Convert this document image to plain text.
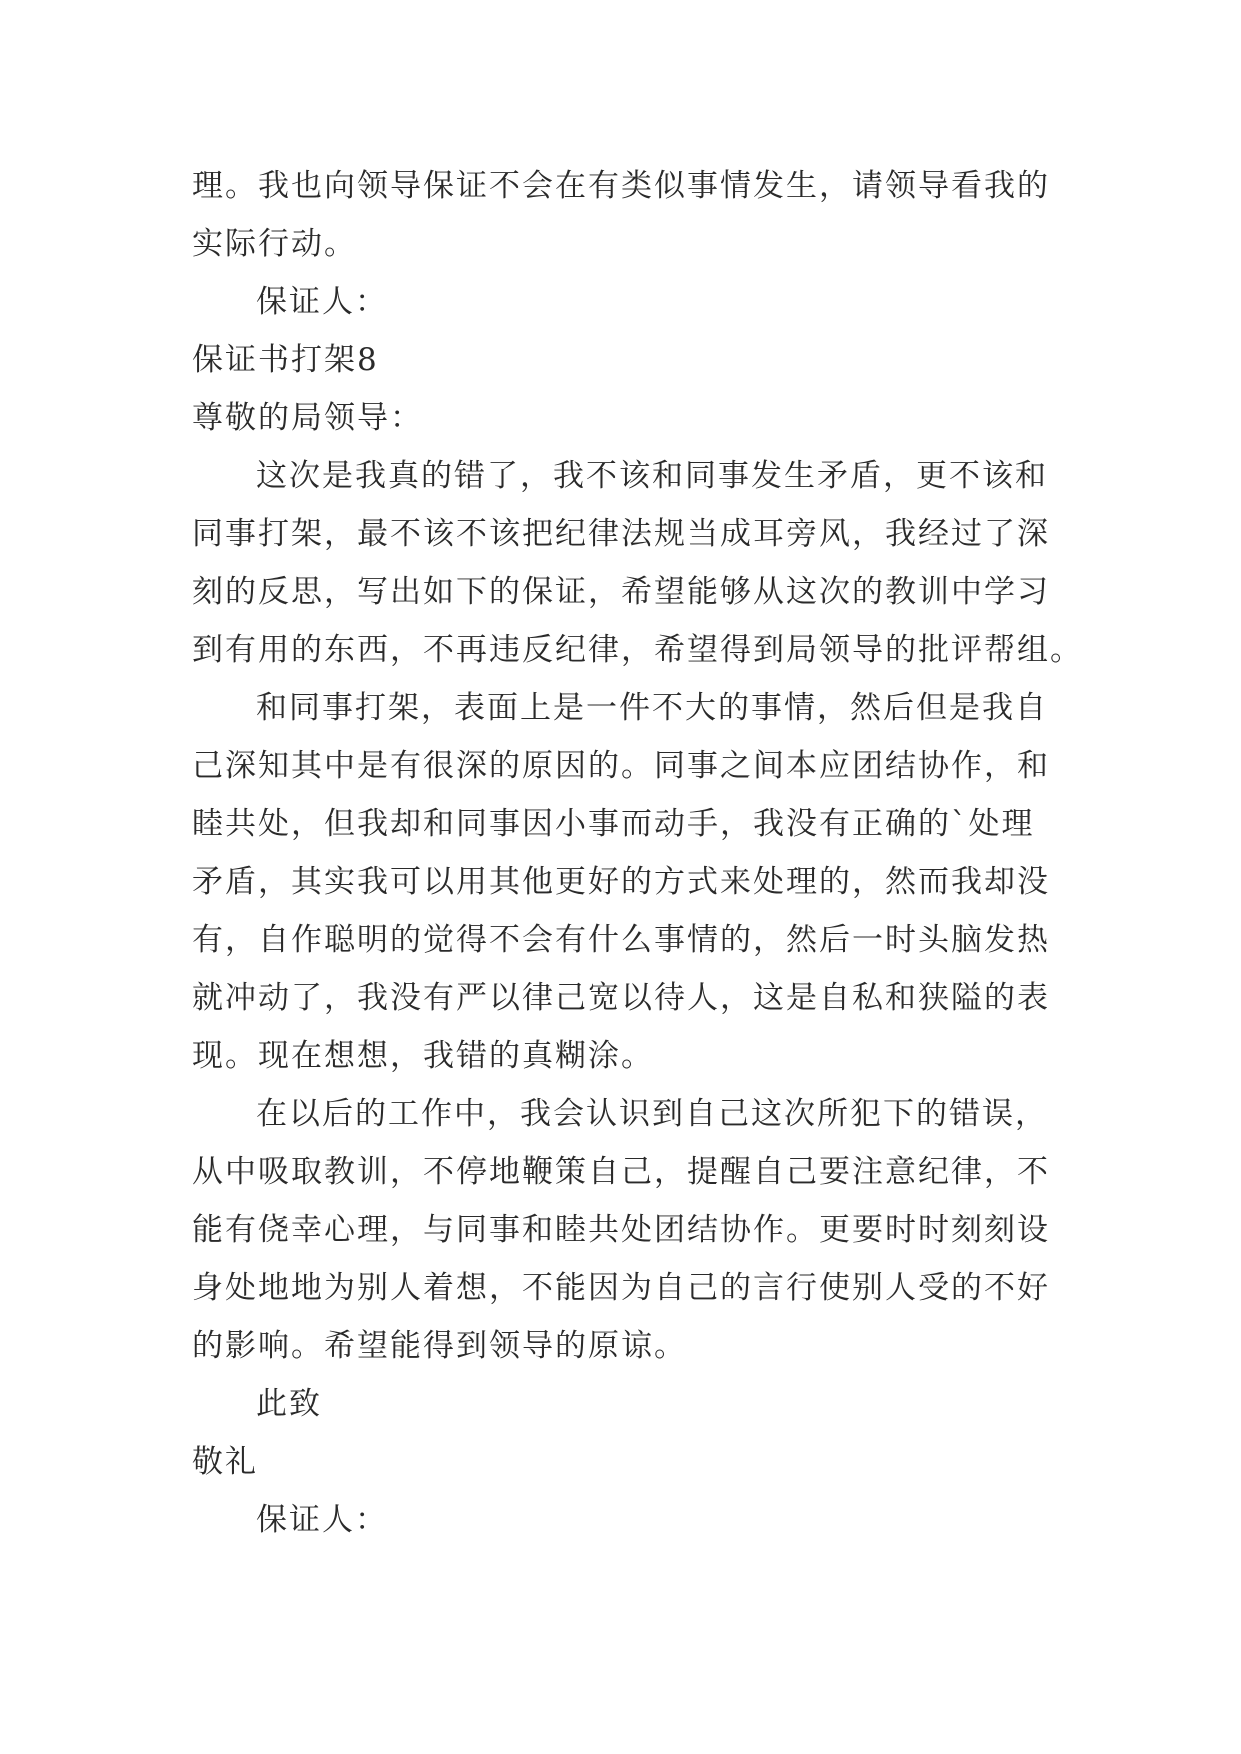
理。我也向领导保证不会在有类似事情发生，请领导看我的
实际行动。
保证人：
保证书打架8
尊敬的局领导：
这次是我真的错了，我不该和同事发生矛盾，更不该和
同事打架，最不该不该把纪律法规当成耳旁风，我经过了深
刻的反思，写出如下的保证，希望能够从这次的教训中学习
到有用的东西，不再违反纪律，希望得到局领导的批评帮组。
和同事打架，表面上是一件不大的事情，然后但是我自
己深知其中是有很深的原因的。同事之间本应团结协作，和
睦共处，但我却和同事因小事而动手，我没有正确的`处理
矛盾，其实我可以用其他更好的方式来处理的，然而我却没
有，自作聪明的觉得不会有什么事情的，然后一时头脑发热
就冲动了，我没有严以律己宽以待人，这是自私和狭隘的表
现。现在想想，我错的真糊涂。
在以后的工作中，我会认识到自己这次所犯下的错误，
从中吸取教训，不停地鞭策自己，提醒自己要注意纪律，不
能有侥幸心理，与同事和睦共处团结协作。更要时时刻刻设
身处地地为别人着想，不能因为自己的言行使别人受的不好
的影响。希望能得到领导的原谅。
此致
敬礼
保证人：
